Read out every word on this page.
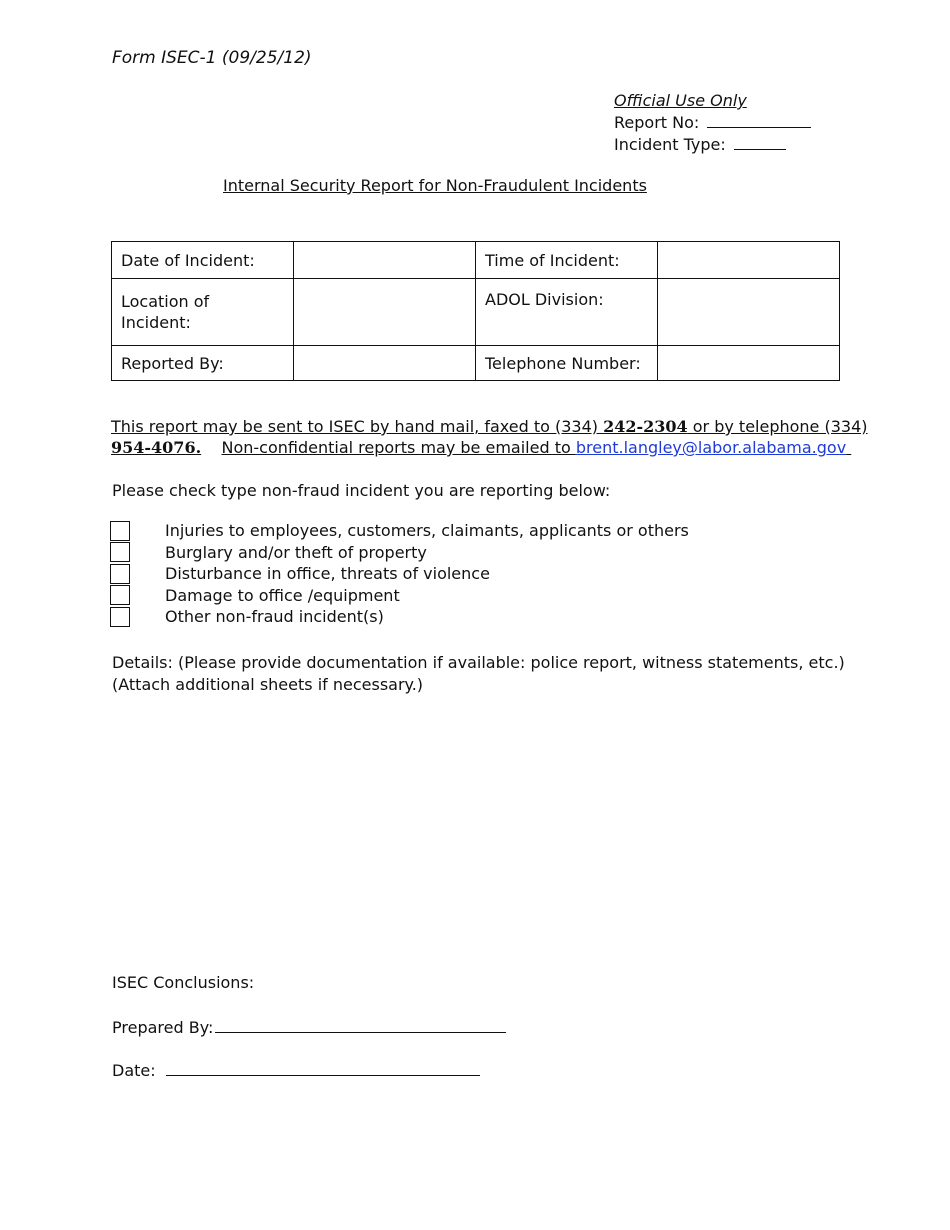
Form ISEC-1 (09/25/12)
Official Use Only
Report No:
Incident Type:
Internal Security Report for Non-Fraudulent Incidents
Date of Incident:		Time of Incident:	

Location of
Incident:		ADOL Division:	
Reported By:		Telephone Number:	
This report may be sent to ISEC by hand mail, faxed to (334) 242-2304 or by telephone (334)
954-4076. Non-confidential reports may be emailed to brent.langley@labor.alabama.gov
Please check type non-fraud incident you are reporting below:
Injuries to employees, customers, claimants, applicants or others
Burglary and/or theft of property
Disturbance in office, threats of violence
Damage to office /equipment
Other non-fraud incident(s)
Details: (Please provide documentation if available: police report, witness statements, etc.)
(Attach additional sheets if necessary.)
ISEC Conclusions:
Prepared By:
Date:
